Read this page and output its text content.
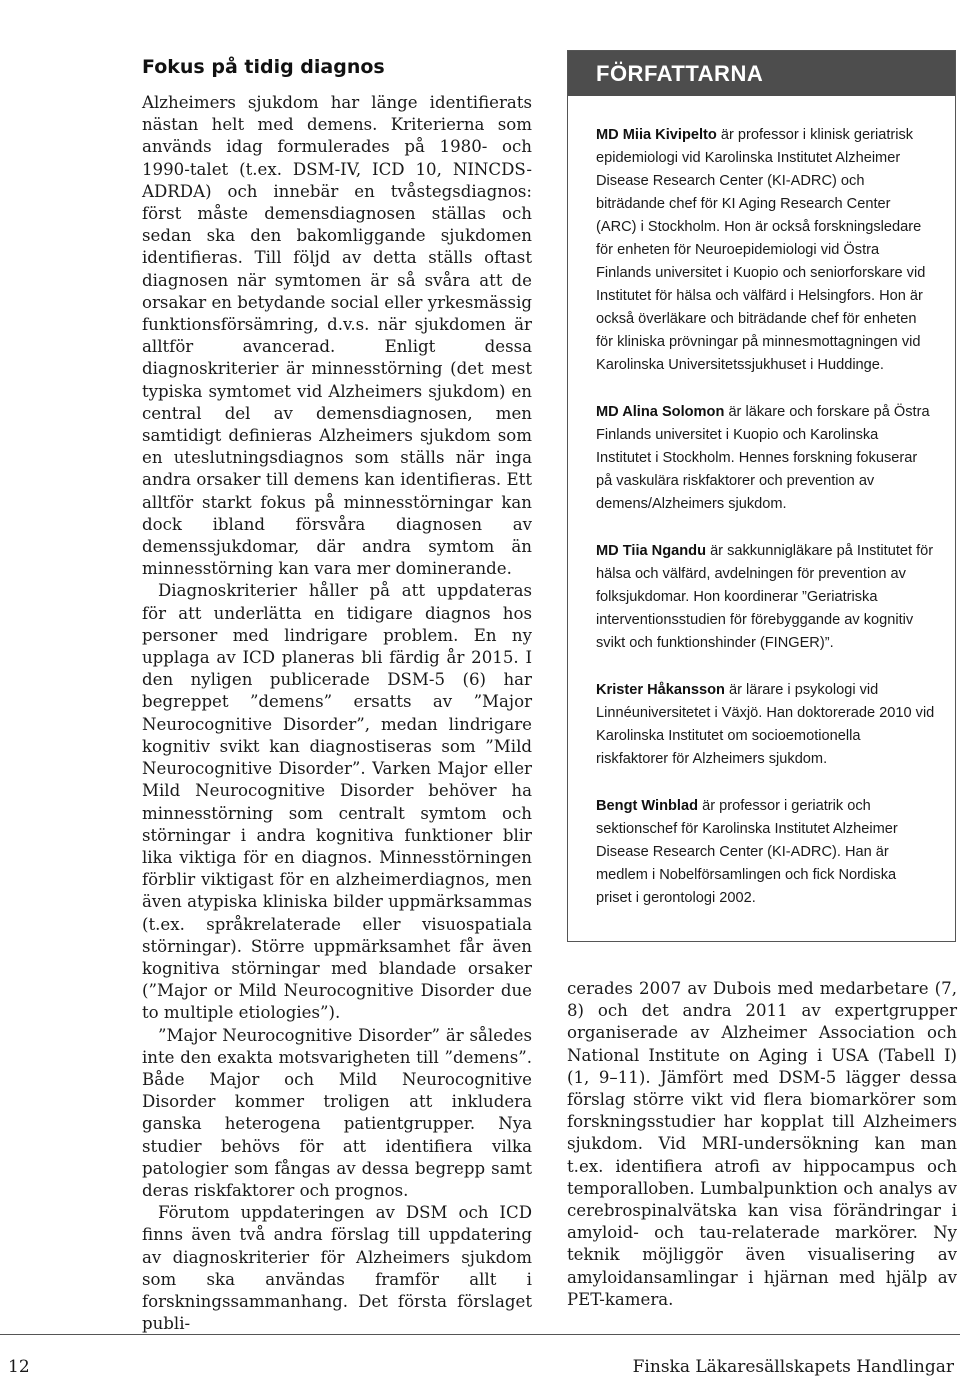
Fokus på tidig diagnos

Alzheimers sjukdom har länge identifierats nästan helt med demens. Kriterierna som används idag formulerades på 1980- och 1990-talet (t.ex. DSM-IV, ICD 10, NINCDS-ADRDA) och innebär en tvåstegsdiagnos: först måste demensdiagnosen ställas och sedan ska den bakomliggande sjukdomen identifieras. Till följd av detta ställs oftast diagnosen när symtomen är så svåra att de orsakar en betydande social eller yrkesmässig funktionsförsämring, d.v.s. när sjukdomen är alltför avancerad. Enligt dessa diagnoskriterier är minnesstörning (det mest typiska symtomet vid Alzheimers sjukdom) en central del av demensdiagnosen, men samtidigt definieras Alzheimers sjukdom som en uteslutningsdiagnos som ställs när inga andra orsaker till demens kan identifieras. Ett alltför starkt fokus på minnesstörningar kan dock ibland försvåra diagnosen av demenssjukdomar, där andra symtom än minnesstörning kan vara mer dominerande.

Diagnoskriterier håller på att uppdateras för att underlätta en tidigare diagnos hos personer med lindrigare problem. En ny upplaga av ICD planeras bli färdig år 2015. I den nyligen publicerade DSM-5 (6) har begreppet ”demens” ersatts av ”Major Neurocognitive Disorder”, medan lindrigare kognitiv svikt kan diagnostiseras som ”Mild Neurocognitive Disorder”. Varken Major eller Mild Neurocognitive Disorder behöver ha minnesstörning som centralt symtom och störningar i andra kognitiva funktioner blir lika viktiga för en diagnos. Minnesstörningen förblir viktigast för en alzheimerdiagnos, men även atypiska kliniska bilder uppmärksammas (t.ex. språkrelaterade eller visuospatiala störningar). Större uppmärksamhet får även kognitiva störningar med blandade orsaker (”Major or Mild Neurocognitive Disorder due to multiple etiologies”).

”Major Neurocognitive Disorder” är således inte den exakta motsvarigheten till ”demens”. Både Major och Mild Neurocognitive Disorder kommer troligen att inkludera ganska heterogena patientgrupper. Nya studier behövs för att identifiera vilka patologier som fångas av dessa begrepp samt deras riskfaktorer och prognos.

Förutom uppdateringen av DSM och ICD finns även två andra förslag till uppdatering av diagnoskriterier för Alzheimers sjukdom som ska användas framför allt i forskningssammanhang. Det första förslaget publi-

FÖRFATTARNA

MD Miia Kivipelto är professor i klinisk geriatrisk epidemiologi vid Karolinska Institutet Alzheimer Disease Research Center (KI-ADRC) och biträdande chef för KI Aging Research Center (ARC) i Stockholm. Hon är också forskningsledare för enheten för Neuroepidemiologi vid Östra Finlands universitet i Kuopio och seniorforskare vid Institutet för hälsa och välfärd i Helsingfors. Hon är också överläkare och biträdande chef för enheten för kliniska prövningar på minnesmottagningen vid Karolinska Universitetssjukhuset i Huddinge.

MD Alina Solomon är läkare och forskare på Östra Finlands universitet i Kuopio och Karolinska Institutet i Stockholm. Hennes forskning fokuserar på vaskulära riskfaktorer och prevention av demens/Alzheimers sjukdom.

MD Tiia Ngandu är sakkunnigläkare på Institutet för hälsa och välfärd, avdelningen för prevention av folksjukdomar. Hon koordinerar ”Geriatriska interventionsstudien för förebyggande av kognitiv svikt och funktionshinder (FINGER)”.

Krister Håkansson är lärare i psykologi vid Linnéuniversitetet i Växjö. Han doktorerade 2010 vid Karolinska Institutet om socioemotionella riskfaktorer för Alzheimers sjukdom.

Bengt Winblad är professor i geriatrik och sektionschef för Karolinska Institutet Alzheimer Disease Research Center (KI-ADRC). Han är medlem i Nobelförsamlingen och fick Nordiska priset i gerontologi 2002.

cerades 2007 av Dubois med medarbetare (7, 8) och det andra 2011 av expertgrupper organiserade av Alzheimer Association och National Institute on Aging i USA (Tabell I) (1, 9–11). Jämfört med DSM-5 lägger dessa förslag större vikt vid flera biomarkörer som forskningsstudier har kopplat till Alzheimers sjukdom. Vid MRI-undersökning kan man t.ex. identifiera atrofi av hippocampus och temporalloben. Lumbalpunktion och analys av cerebrospinalvätska kan visa förändringar i amyloid- och tau-relaterade markörer. Ny teknik möjliggör även visualisering av amyloidansamlingar i hjärnan med hjälp av PET-kamera.

12	Finska Läkaresällskapets Handlingar
